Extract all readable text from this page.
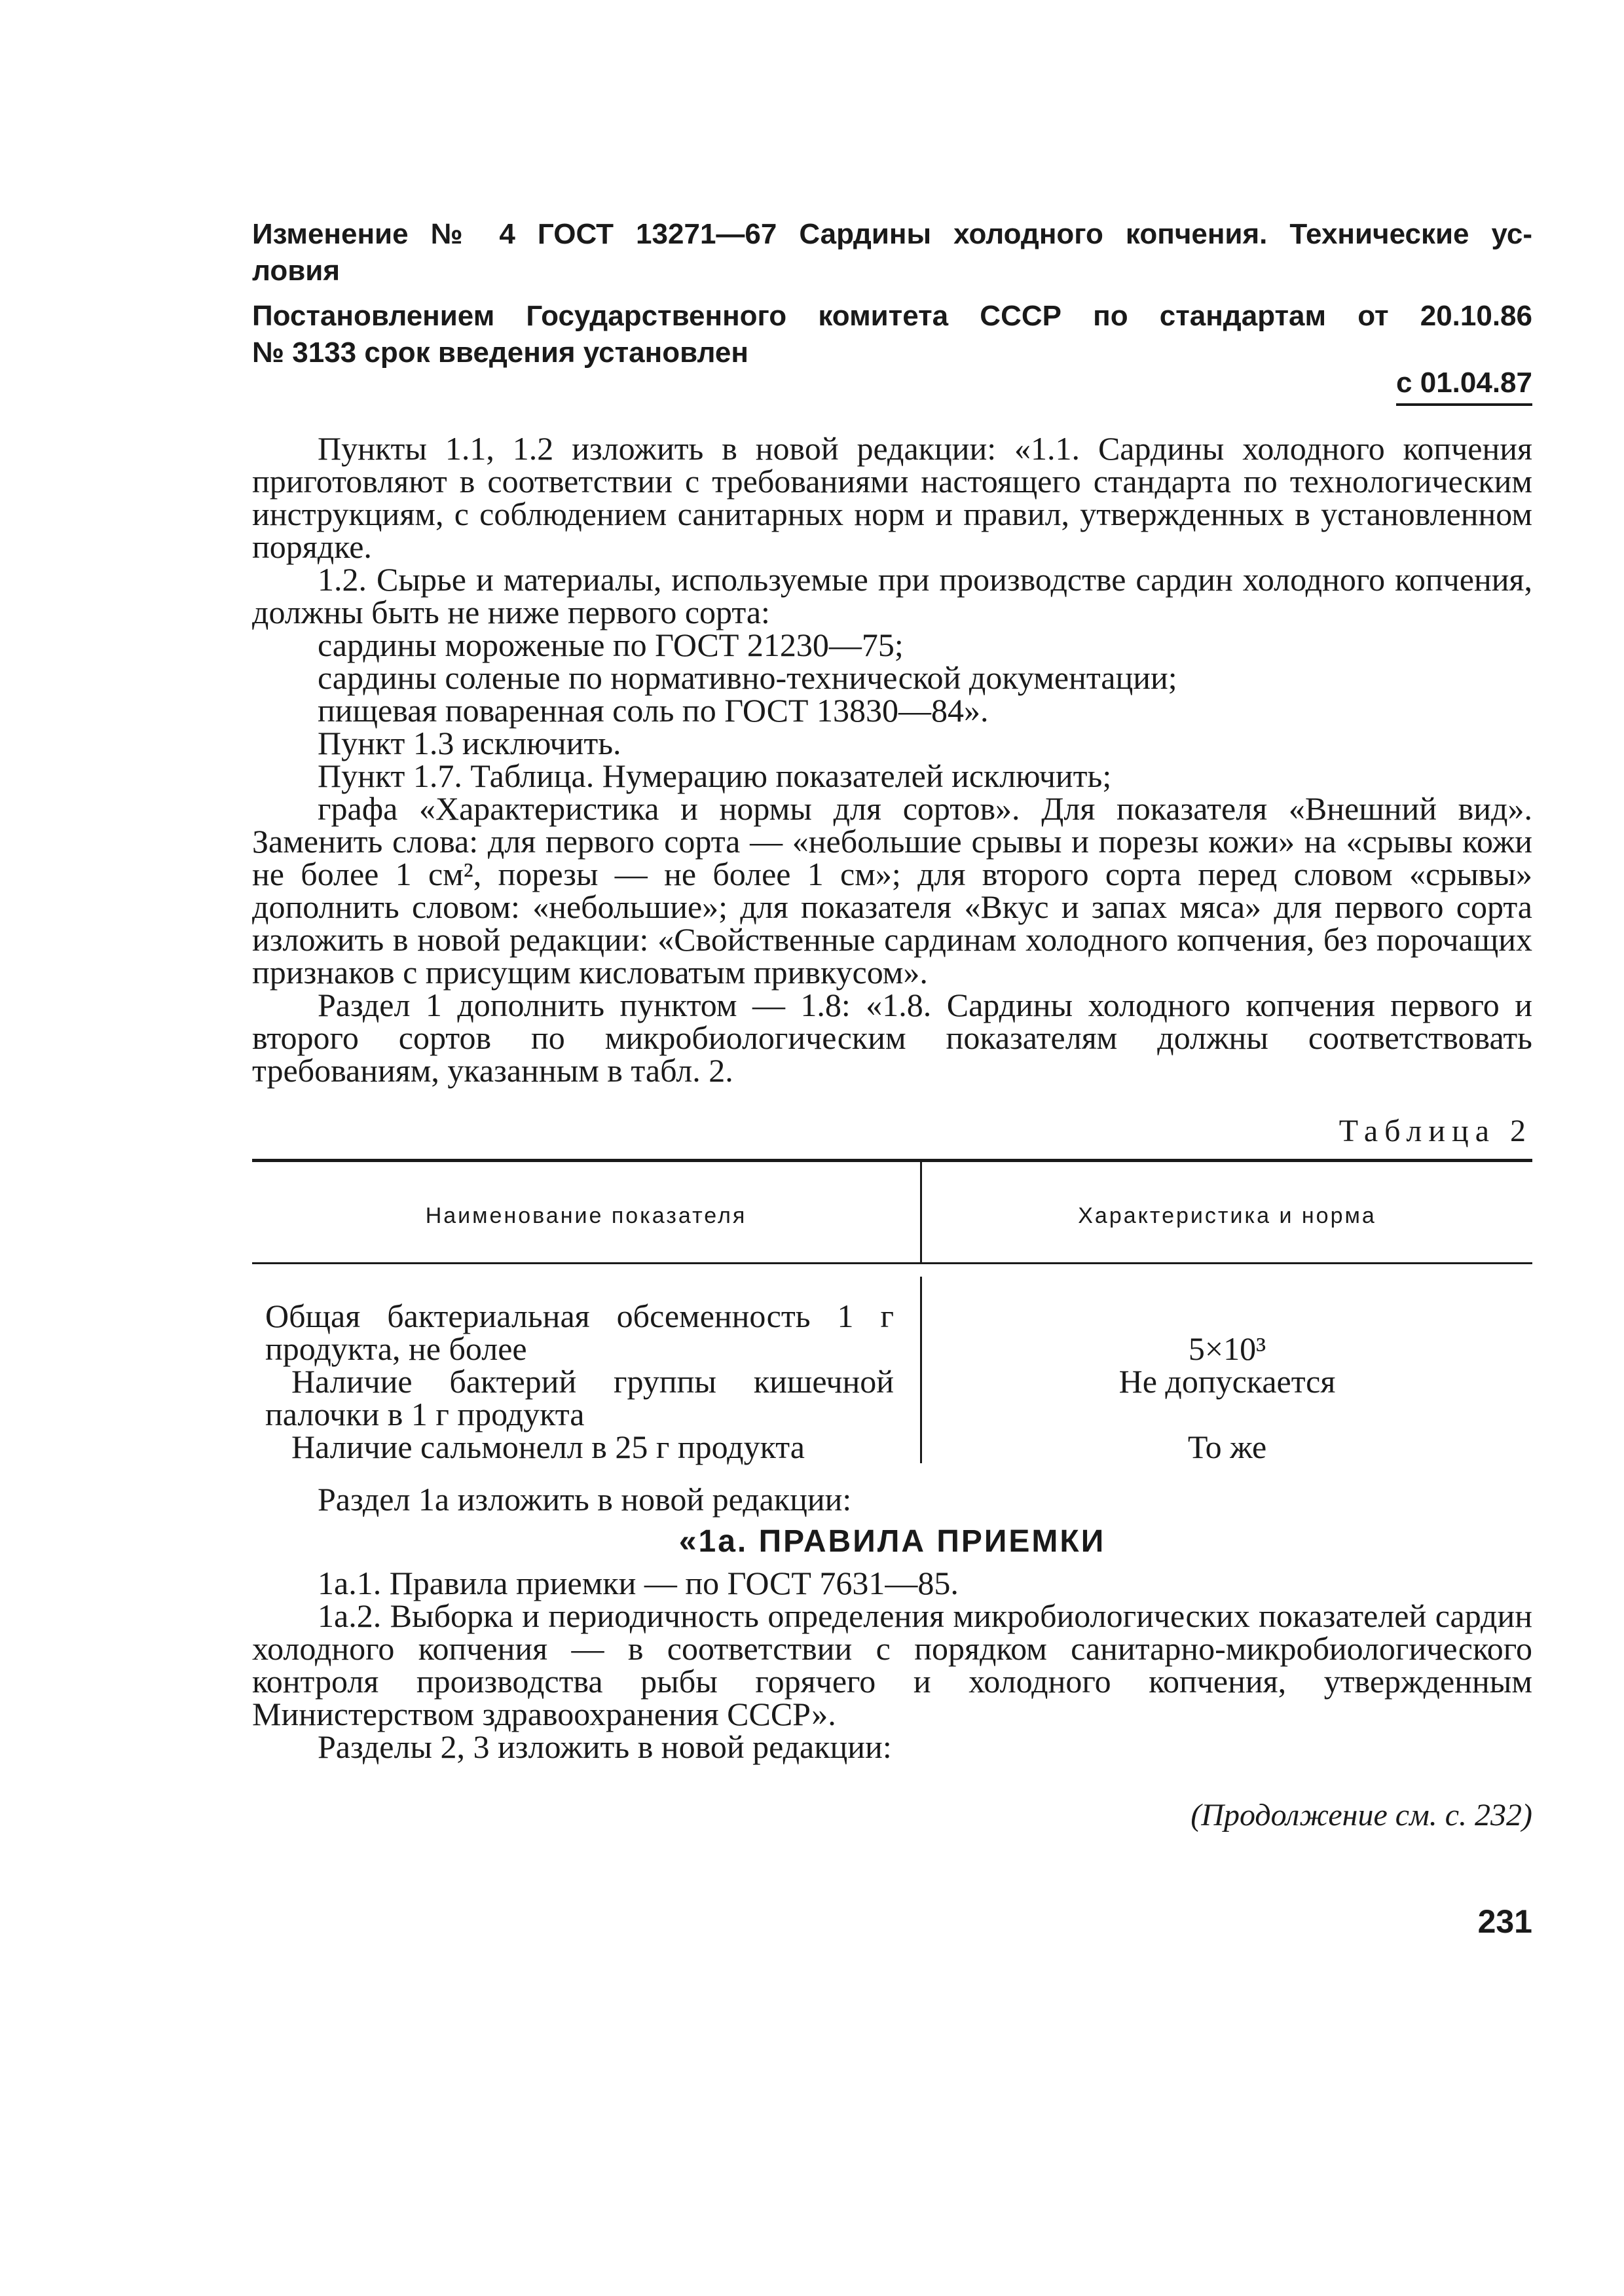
Изменение № 4 ГОСТ 13271—67 Сардины холодного копчения. Технические ус-
ловия
Постановлением Государственного комитета СССР по стандартам от 20.10.86
№ 3133 срок введения установлен
с 01.04.87

Пункты 1.1, 1.2 изложить в новой редакции: «1.1. Сардины холодного копчения приготовляют в соответствии с требованиями настоящего стандарта по технологическим инструкциям, с соблюдением санитарных норм и правил, утвержденных в установленном порядке.

1.2. Сырье и материалы, используемые при производстве сардин холодного копчения, должны быть не ниже первого сорта:

сардины мороженые по ГОСТ 21230—75;

сардины соленые по нормативно-технической документации;

пищевая поваренная соль по ГОСТ 13830—84».

Пункт 1.3 исключить.

Пункт 1.7. Таблица. Нумерацию показателей исключить;

графа «Характеристика и нормы для сортов». Для показателя «Внешний вид». Заменить слова: для первого сорта — «небольшие срывы и порезы кожи» на «срывы кожи не более 1 см², порезы — не более 1 см»; для второго сорта перед словом «срывы» дополнить словом: «небольшие»; для показателя «Вкус и запах мяса» для первого сорта изложить в новой редакции: «Свойственные сардинам холодного копчения, без порочащих признаков с присущим кисловатым привкусом».

Раздел 1 дополнить пунктом — 1.8: «1.8. Сардины холодного копчения первого и второго сортов по микробиологическим показателям должны соответствовать требованиям, указанным в табл. 2.

Таблица 2
Наименование показателя	Характеристика и норма

Общая бактериальная обсеменность 1 г продукта, не более

Наличие бактерий группы кишечной палочки в 1 г продукта

Наличие сальмонелл в 25 г продукта

5×10³

Не допускается

То же

Раздел 1а изложить в новой редакции:

«1а. ПРАВИЛА ПРИЕМКИ

1а.1. Правила приемки — по ГОСТ 7631—85.

1а.2. Выборка и периодичность определения микробиологических показателей сардин холодного копчения — в соответствии с порядком санитарно-микробиологического контроля производства рыбы горячего и холодного копчения, утвержденным Министерством здравоохранения СССР».

Разделы 2, 3 изложить в новой редакции:

(Продолжение см. с. 232)
231
